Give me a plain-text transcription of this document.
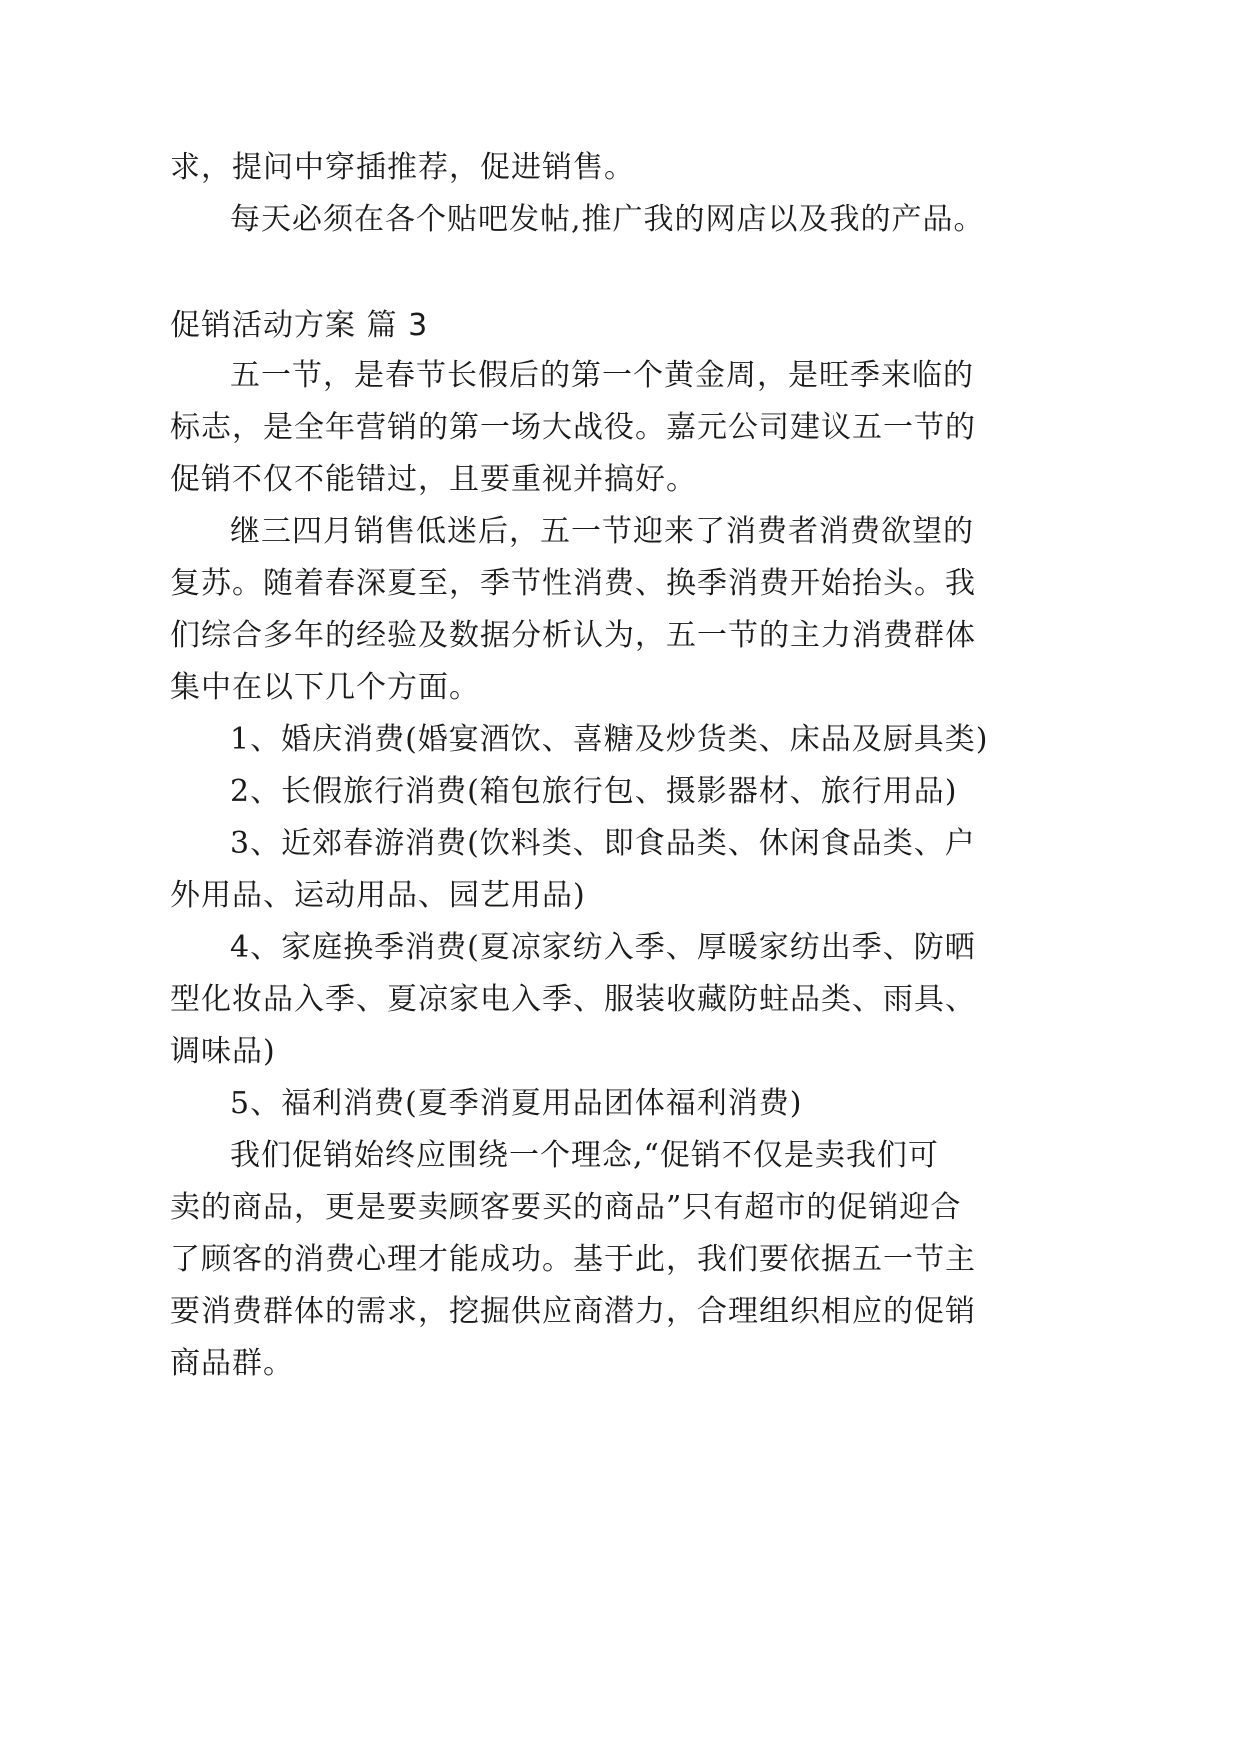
求，提问中穿插推荐，促进销售。

每天必须在各个贴吧发帖,推广我的网店以及我的产品。

促销活动方案 篇 3

五一节，是春节长假后的第一个黄金周，是旺季来临的

标志，是全年营销的第一场大战役。嘉元公司建议五一节的

促销不仅不能错过，且要重视并搞好。

继三四月销售低迷后，五一节迎来了消费者消费欲望的

复苏。随着春深夏至，季节性消费、换季消费开始抬头。我

们综合多年的经验及数据分析认为，五一节的主力消费群体

集中在以下几个方面。

1、婚庆消费(婚宴酒饮、喜糖及炒货类、床品及厨具类)

2、长假旅行消费(箱包旅行包、摄影器材、旅行用品)

3、近郊春游消费(饮料类、即食品类、休闲食品类、户

外用品、运动用品、园艺用品)

4、家庭换季消费(夏凉家纺入季、厚暖家纺出季、防晒

型化妆品入季、夏凉家电入季、服装收藏防蛀品类、雨具、

调味品)

5、福利消费(夏季消夏用品团体福利消费)

我们促销始终应围绕一个理念,“促销不仅是卖我们可

卖的商品，更是要卖顾客要买的商品”只有超市的促销迎合

了顾客的消费心理才能成功。基于此，我们要依据五一节主

要消费群体的需求，挖掘供应商潜力，合理组织相应的促销

商品群。
